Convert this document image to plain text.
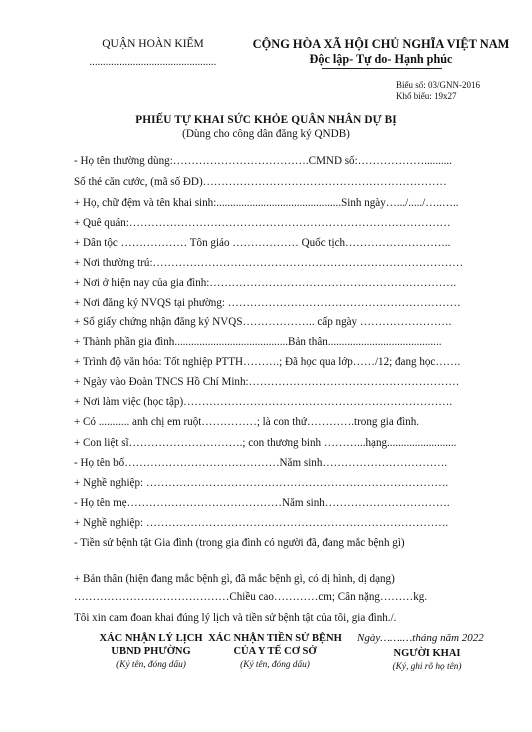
QUẬN HOÀN KIẾM
...............................................
CỘNG HÒA XÃ HỘI CHỦ NGHĨA VIỆT NAM
Độc lập- Tự do- Hạnh phúc
Biểu số: 03/GNN-2016
Khổ biểu: 19x27
PHIẾU TỰ KHAI SỨC KHỎE QUÂN NHÂN DỰ BỊ
(Dùng cho công dân đăng ký QNDB)
- Họ tên thường dùng:……………………………….CMND số:………………..........
Số thẻ căn cước, (mã số ĐD)…………………………………………………………
+ Họ, chữ đệm và tên khai sinh:.............................................Sinh ngày….../...../…..…..
+ Quê quán:……………………………………………………………………………
+ Dân tộc ……………… Tôn giáo ……………… Quốc tịch………………………..
+ Nơi thường trú:…………………………………………………………………………
+ Nơi ở hiện nay của gia đình:………………………………………………………….
+ Nơi đăng ký NVQS tại phường: ………………………………………………………
+ Số giấy chứng nhận đăng ký NVQS……………….. cấp ngày …………………….
+ Thành phần gia đình.........................................Bản thân.........................................
+ Trình độ văn hóa: Tốt nghiệp PTTH……….; Đã học qua lớp……/12; đang học…….
+ Ngày vào Đoàn TNCS Hồ Chí Minh:…………………………………………………
+ Nơi làm việc (học tập)……………………………………………………………….
+ Có ........... anh chị em ruột……………; là con thứ………….trong gia đình.
+ Con liệt sĩ………………………….; con thương binh ………...hạng.........................
- Họ tên bố……………………………………Năm sinh…………………………….
+ Nghề nghiệp: ……………………………………………………………………….
- Họ tên mẹ……………………………………Năm sinh…………………………….
+ Nghề nghiệp: ……………………………………………………………………….
- Tiền sử bệnh tật Gia đình (trong gia đình có người đã, đang mắc bệnh gì)
+ Bản thân (hiện đang mắc bệnh gì, đã mắc bệnh gì, có dị hình, dị dạng)
……………………………………Chiều cao…………cm; Cân nặng………kg.
Tôi xin cam đoan khai đúng lý lịch và tiền sử bệnh tật của tôi, gia đình./.
XÁC NHẬN LÝ LỊCH
UBND PHƯỜNG
(Ký tên, đóng dấu)
XÁC NHẬN TIỀN SỬ BỆNH
CỦA Y TẾ CƠ SỞ
(Ký tên, đóng dấu)
Ngày…….…tháng năm 2022
NGƯỜI KHAI
(Ký, ghi rõ họ tên)
